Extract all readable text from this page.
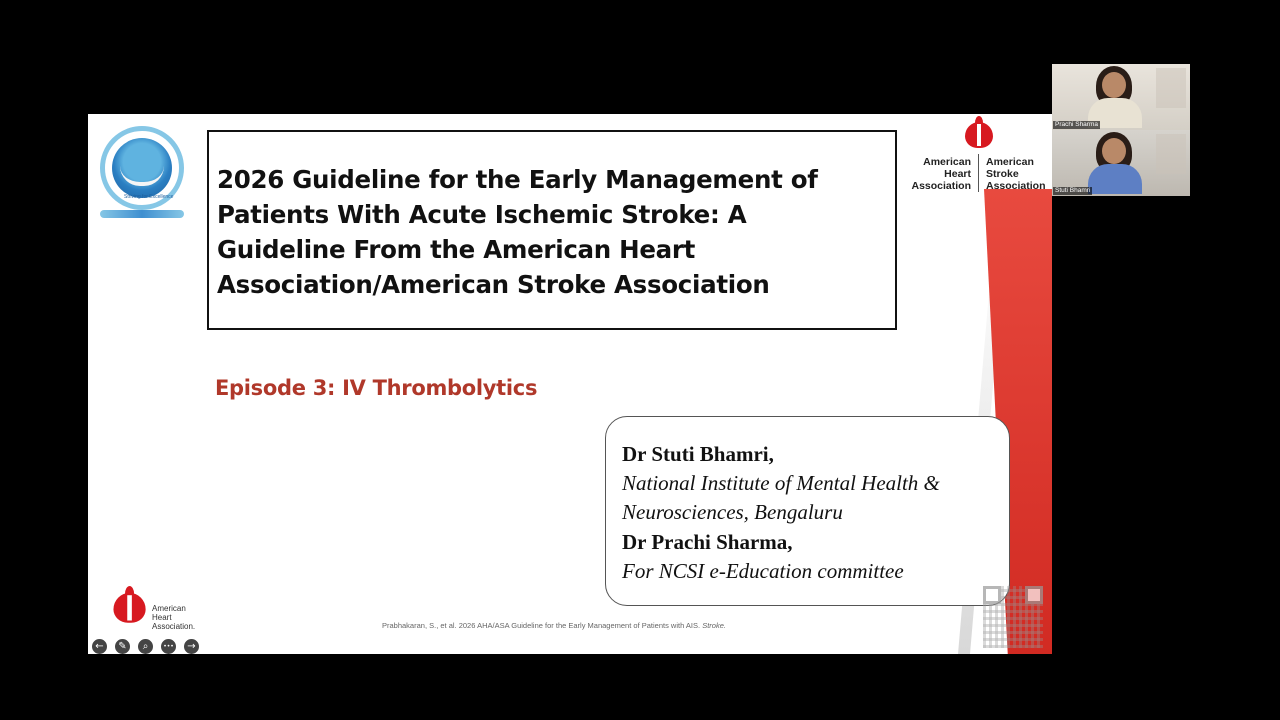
Striving for Excellence
2026 Guideline for the Early Management of Patients With Acute Ischemic Stroke: A Guideline From the American Heart Association/American Stroke Association
American
Heart
Association
American
Stroke
Association
Episode 3: IV Thrombolytics
Dr Stuti Bhamri,
National Institute of Mental Health & Neurosciences, Bengaluru
Dr Prachi Sharma,
For NCSI e-Education committee
American
Heart
Association.	Prabhakaran, S., et al. 2026 AHA/ASA Guideline for the Early Management of Patients with AIS. Stroke.
←	✎	⌕	•••	→
Prachi Sharma
Stuti Bhamri
